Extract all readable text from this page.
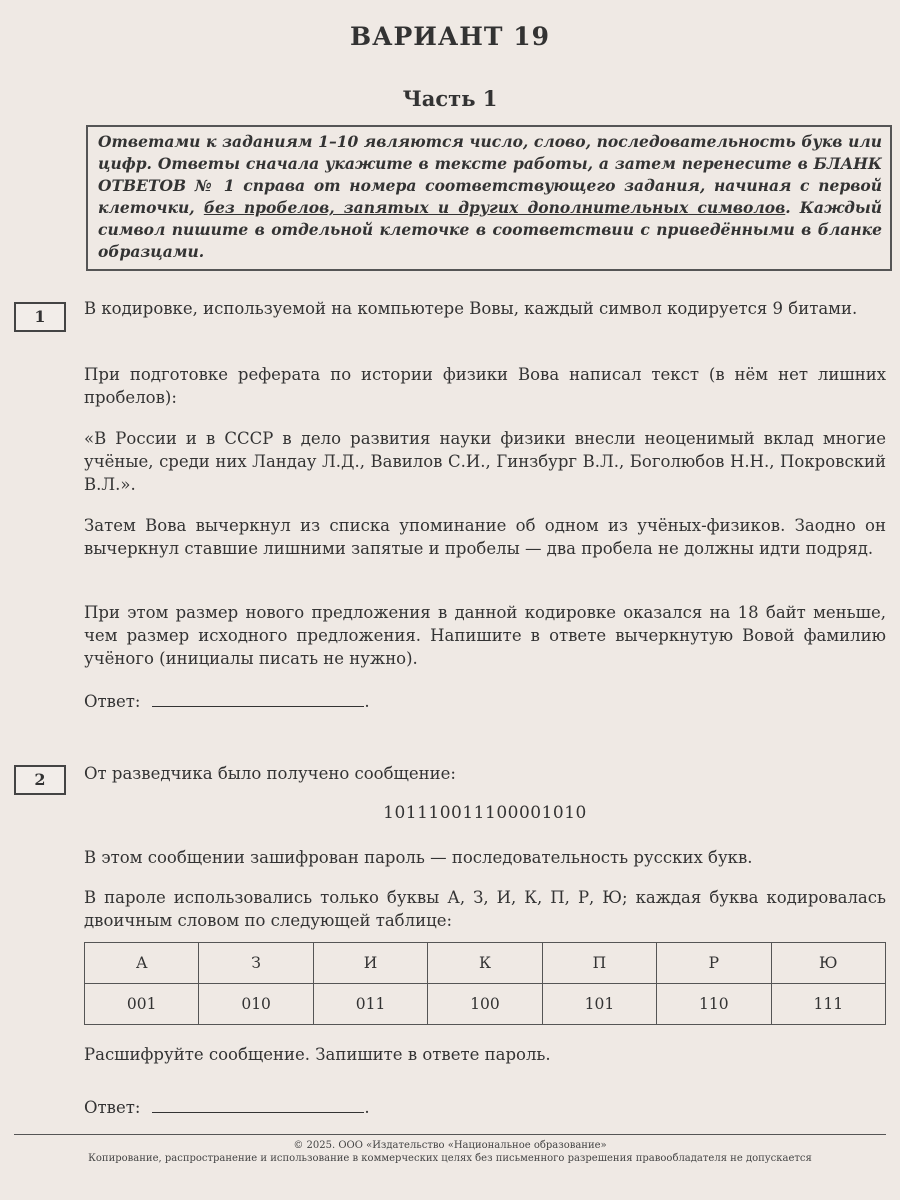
ВАРИАНТ 19
Часть 1
Ответами к заданиям 1–10 являются число, слово, последовательность букв или цифр. Ответы сначала укажите в тексте работы, а затем перенесите в БЛАНК ОТВЕТОВ № 1 справа от номера соответствующего задания, начиная с первой клеточки, без пробелов, запятых и других дополнительных символов. Каждый символ пишите в отдельной клеточке в соответствии с приведёнными в бланке образцами.
1	В кодировке, используемой на компьютере Вовы, каждый символ кодируется 9 битами.
При подготовке реферата по истории физики Вова написал текст (в нём нет лишних пробелов):
«В России и в СССР в дело развития науки физики внесли неоценимый вклад многие учёные, среди них Ландау Л.Д., Вавилов С.И., Гинзбург В.Л., Боголюбов Н.Н., Покровский В.Л.».
Затем Вова вычеркнул из списка упоминание об одном из учёных-физиков. Заодно он вычеркнул ставшие лишними запятые и пробелы — два пробела не должны идти подряд.
При этом размер нового предложения в данной кодировке оказался на 18 байт меньше, чем размер исходного предложения. Напишите в ответе вычеркнутую Вовой фамилию учёного (инициалы писать не нужно).
Ответ:	.
2	От разведчика было получено сообщение:
101110011100001010
В этом сообщении зашифрован пароль — последовательность русских букв.
В пароле использовались только буквы А, З, И, К, П, Р, Ю; каждая буква кодировалась двоичным словом по следующей таблице:
А	З	И	К	П	Р	Ю
001	010	011	100	101	110	111
Расшифруйте сообщение. Запишите в ответе пароль.
Ответ:	.
© 2025. ООО «Издательство «Национальное образование»
Копирование, распространение и использование в коммерческих целях без письменного разрешения правообладателя не допускается
